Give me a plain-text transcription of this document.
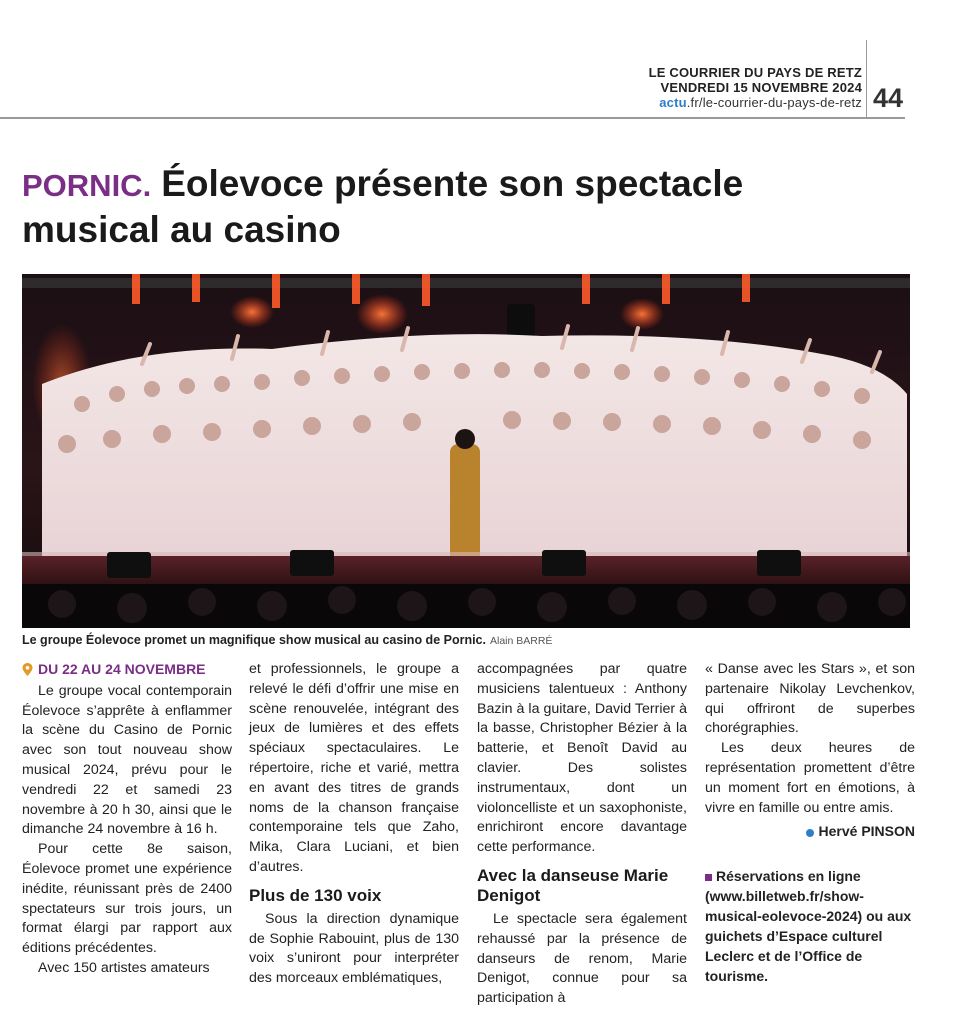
LE COURRIER DU PAYS DE RETZ
VENDREDI 15 NOVEMBRE 2024
actu.fr/le-courrier-du-pays-de-retz 44
PORNIC. Éolevoce présente son spectacle musical au casino
Le groupe Éolevoce promet un magnifique show musical au casino de Pornic. Alain BARRÉ
DU 22 AU 24 NOVEMBRE

Le groupe vocal contemporain Éolevoce s’apprête à enflammer la scène du Casino de Pornic avec son tout nouveau show musical 2024, prévu pour le vendredi 22 et samedi 23 novembre à 20 h 30, ainsi que le dimanche 24 novembre à 16 h.

Pour cette 8e saison, Éolevoce promet une expérience inédite, réunissant près de 2400 spectateurs sur trois jours, un format élargi par rapport aux éditions précédentes.

Avec 150 artistes amateurs

et professionnels, le groupe a relevé le défi d’offrir une mise en scène renouvelée, intégrant des jeux de lumières et des effets spéciaux spectaculaires. Le répertoire, riche et varié, mettra en avant des titres de grands noms de la chanson française contemporaine tels que Zaho, Mika, Clara Luciani, et bien d’autres.

Plus de 130 voix

Sous la direction dynamique de Sophie Rabouint, plus de 130 voix s’uniront pour interpréter des morceaux emblématiques,

accompagnées par quatre musiciens talentueux : Anthony Bazin à la guitare, David Terrier à la basse, Christopher Bézier à la batterie, et Benoît David au clavier. Des solistes instrumentaux, dont un violoncelliste et un saxophoniste, enrichiront encore davantage cette performance.

Avec la danseuse Marie Denigot

Le spectacle sera également rehaussé par la présence de danseurs de renom, Marie Denigot, connue pour sa participation à

« Danse avec les Stars », et son partenaire Nikolay Levchenkov, qui offriront de superbes chorégraphies.

Les deux heures de représentation promettent d’être un moment fort en émotions, à vivre en famille ou entre amis.

Hervé PINSON
Réservations en ligne (www.billetweb.fr/show-musical-eolevoce-2024) ou aux guichets d’Espace culturel Leclerc et de l’Office de tourisme.
